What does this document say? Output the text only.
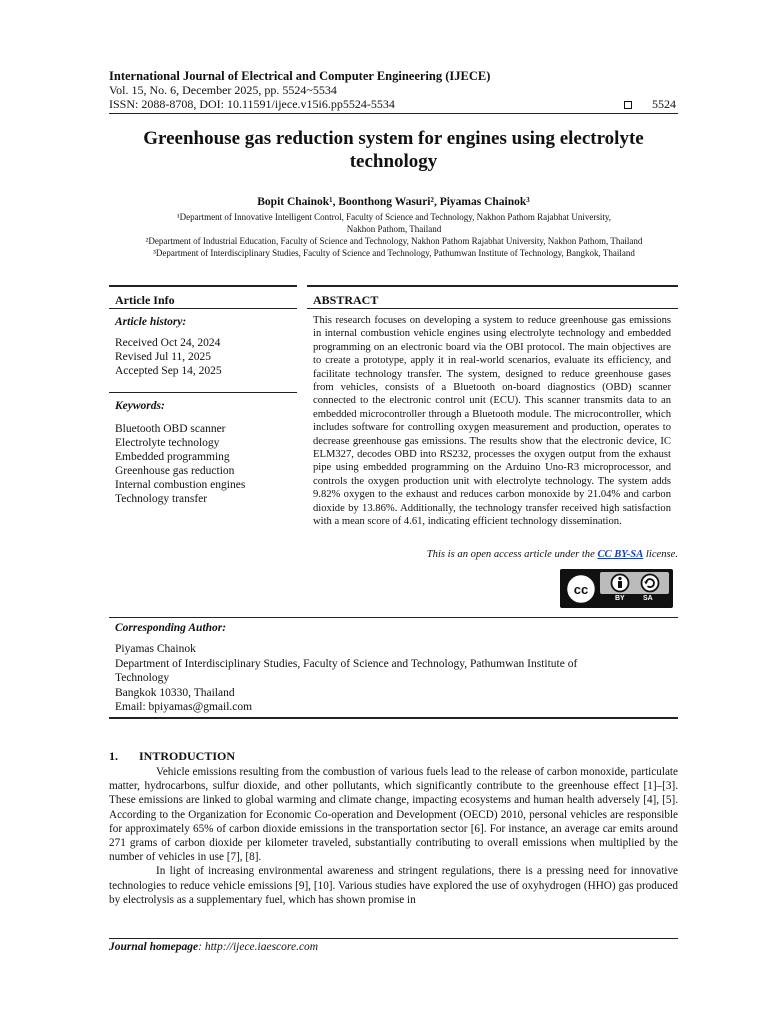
International Journal of Electrical and Computer Engineering (IJECE)
Vol. 15, No. 6, December 2025, pp. 5524~5534
ISSN: 2088-8708, DOI: 10.11591/ijece.v15i6.pp5524-5534	5524
Greenhouse gas reduction system for engines using electrolyte
technology
Bopit Chainok¹, Boonthong Wasuri², Piyamas Chainok³
¹Department of Innovative Intelligent Control, Faculty of Science and Technology, Nakhon Pathom Rajabhat University,
Nakhon Pathom, Thailand
²Department of Industrial Education, Faculty of Science and Technology, Nakhon Pathom Rajabhat University, Nakhon Pathom, Thailand
³Department of Interdisciplinary Studies, Faculty of Science and Technology, Pathumwan Institute of Technology, Bangkok, Thailand
Article Info
Article history:
Received Oct 24, 2024
Revised Jul 11, 2025
Accepted Sep 14, 2025
Keywords:
Bluetooth OBD scanner
Electrolyte technology
Embedded programming
Greenhouse gas reduction
Internal combustion engines
Technology transfer
ABSTRACT
This research focuses on developing a system to reduce greenhouse gas emissions in internal combustion vehicle engines using electrolyte technology and embedded programming on an electronic board via the OBI protocol. The main objectives are to create a prototype, apply it in real-world scenarios, evaluate its efficiency, and facilitate technology transfer. The system, designed to reduce greenhouse gases from vehicles, consists of a Bluetooth on-board diagnostics (OBD) scanner connected to the electronic control unit (ECU). This scanner transmits data to an embedded microcontroller through a Bluetooth module. The microcontroller, which includes software for controlling oxygen measurement and production, operates to decrease greenhouse gas emissions. The results show that the electronic device, IC ELM327, decodes OBD into RS232, processes the oxygen output from the exhaust pipe using embedded programming on the Arduino Uno-R3 microprocessor, and controls the oxygen production unit with electrolyte technology. The system adds 9.82% oxygen to the exhaust and reduces carbon monoxide by 21.04% and carbon dioxide by 13.86%. Additionally, the technology transfer received high satisfaction with a mean score of 4.61, indicating efficient technology dissemination.
This is an open access article under the CC BY-SA license.
cc
BY	SA
Corresponding Author:
Piyamas Chainok
Department of Interdisciplinary Studies, Faculty of Science and Technology, Pathumwan Institute of
Technology
Bangkok 10330, Thailand
Email: bpiyamas@gmail.com
1. INTRODUCTION

Vehicle emissions resulting from the combustion of various fuels lead to the release of carbon monoxide, particulate matter, hydrocarbons, sulfur dioxide, and other pollutants, which significantly contribute to the greenhouse effect [1]–[3]. These emissions are linked to global warming and climate change, impacting ecosystems and human health adversely [4], [5]. According to the Organization for Economic Co-operation and Development (OECD) 2010, personal vehicles are responsible for approximately 65% of carbon dioxide emissions in the transportation sector [6]. For instance, an average car emits around 271 grams of carbon dioxide per kilometer traveled, substantially contributing to overall emissions when multiplied by the number of vehicles in use [7], [8].

In light of increasing environmental awareness and stringent regulations, there is a pressing need for innovative technologies to reduce vehicle emissions [9], [10]. Various studies have explored the use of oxyhydrogen (HHO) gas produced by electrolysis as a supplementary fuel, which has shown promise in

Journal homepage: http://ijece.iaescore.com
